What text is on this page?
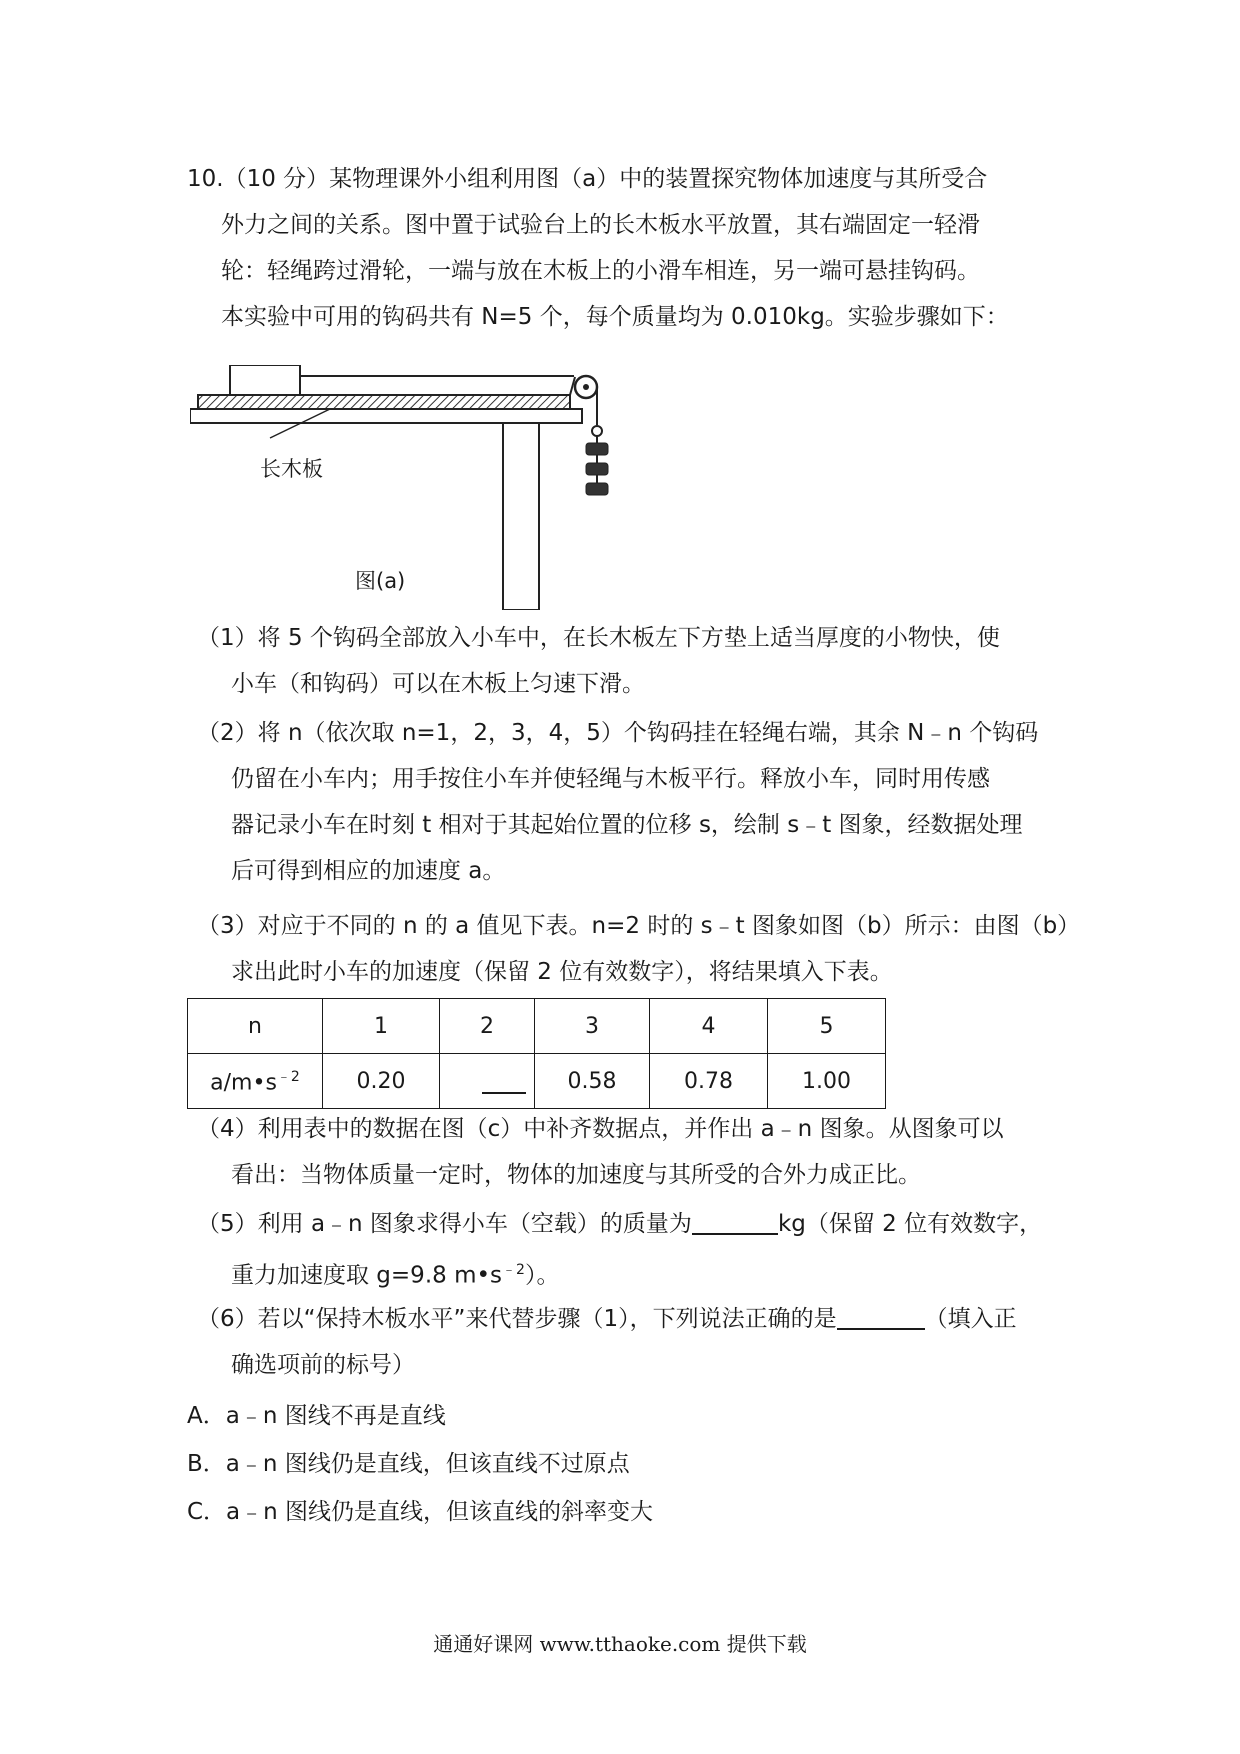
10.（10 分）某物理课外小组利用图（a）中的装置探究物体加速度与其所受合
外力之间的关系。图中置于试验台上的长木板水平放置，其右端固定一轻滑
轮：轻绳跨过滑轮，一端与放在木板上的小滑车相连，另一端可悬挂钩码。
本实验中可用的钩码共有 N=5 个，每个质量均为 0.010kg。实验步骤如下：
长木板
图(a)
（1）将 5 个钩码全部放入小车中，在长木板左下方垫上适当厚度的小物快，使
小车（和钩码）可以在木板上匀速下滑。
（2）将 n（依次取 n=1，2，3，4，5）个钩码挂在轻绳右端，其余 N﹣n 个钩码
仍留在小车内；用手按住小车并使轻绳与木板平行。释放小车，同时用传感
器记录小车在时刻 t 相对于其起始位置的位移 s，绘制 s﹣t 图象，经数据处理
后可得到相应的加速度 a。
（3）对应于不同的 n 的 a 值见下表。n=2 时的 s﹣t 图象如图（b）所示：由图（b）
求出此时小车的加速度（保留 2 位有效数字），将结果填入下表。
n	1	2	3	4	5
$a/m•s^{﹣2}$	0.20		0.58	0.78	1.00
（4）利用表中的数据在图（c）中补齐数据点，并作出 a﹣n 图象。从图象可以
看出：当物体质量一定时，物体的加速度与其所受的合外力成正比。
（5）利用 a﹣n 图象求得小车（空载）的质量为	kg（保留 2 位有效数字，
重力加速度取 g=9.8 $m•s^{﹣2}$）。
（6）若以“保持木板水平”来代替步骤（1），下列说法正确的是	（填入正
确选项前的标号）
A．a﹣n 图线不再是直线
B．a﹣n 图线仍是直线，但该直线不过原点
C．a﹣n 图线仍是直线，但该直线的斜率变大
通通好课网 www.tthaoke.com 提供下载
